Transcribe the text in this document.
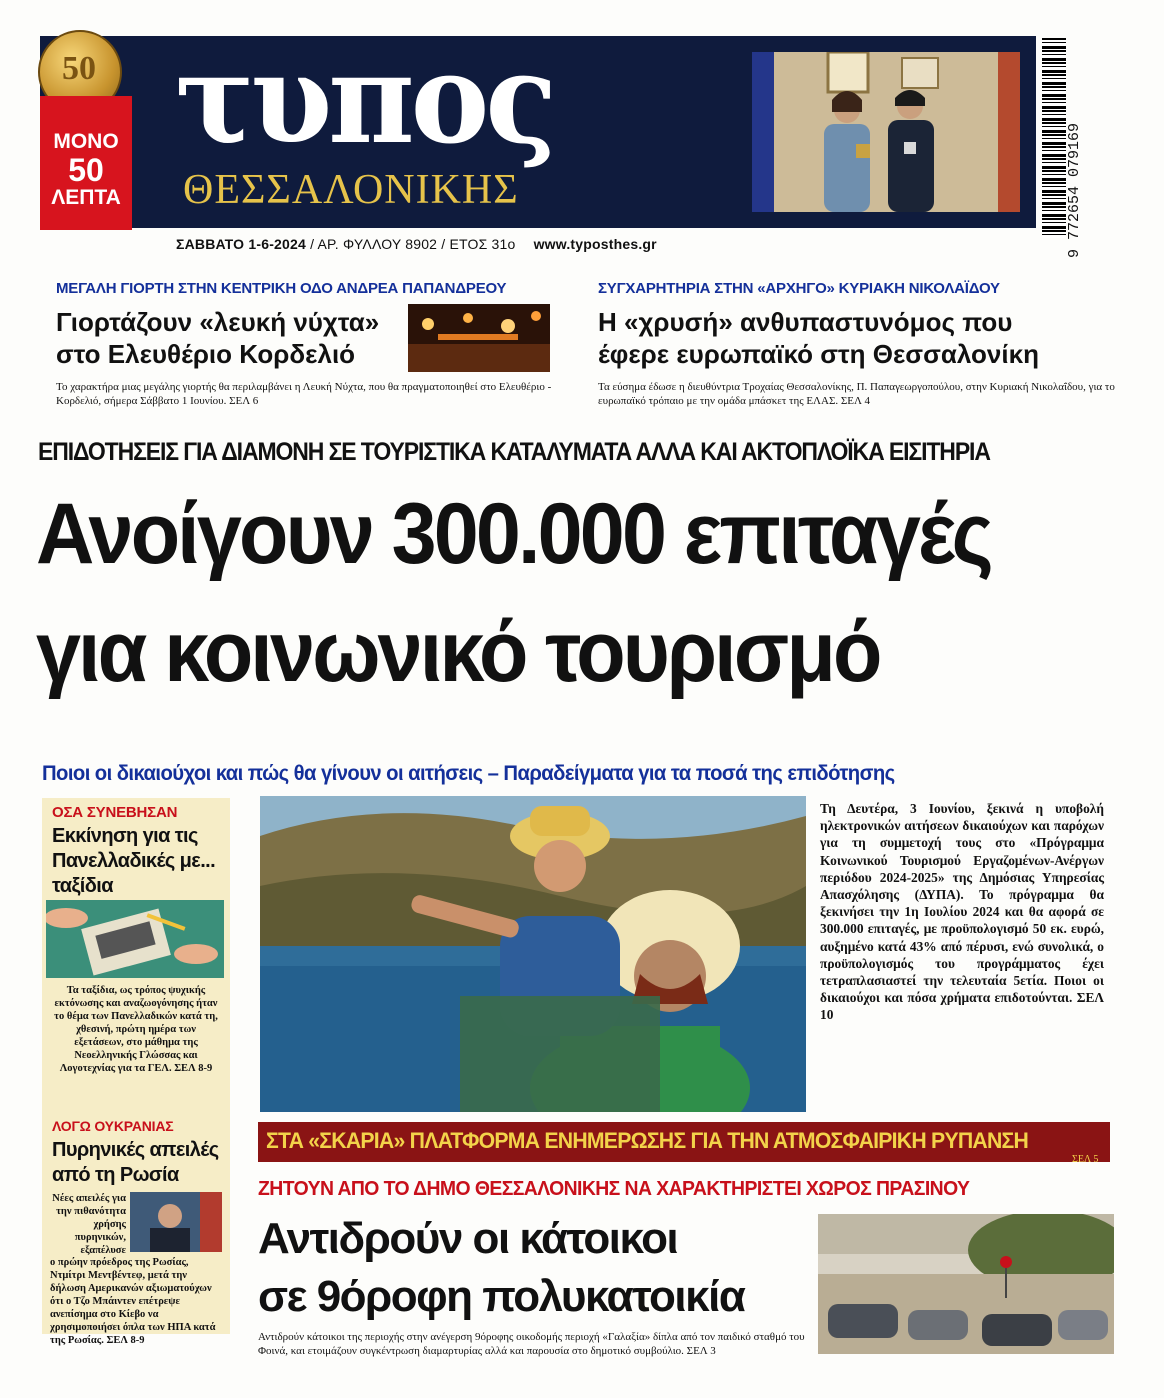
50
ΜΟΝΟ
50
ΛΕΠΤΑ
τυπος
ΘΕΣΣΑΛΟΝΙΚΗΣ	9 772654 079169
ΣΑΒΒΑΤΟ 1-6-2024 / ΑΡ. ΦΥΛΛΟΥ 8902 / ΕΤΟΣ 31ο www.typosthes.gr
ΜΕΓΑΛΗ ΓΙΟΡΤΗ ΣΤΗΝ ΚΕΝΤΡΙΚΗ ΟΔΟ ΑΝΔΡΕΑ ΠΑΠΑΝΔΡΕΟΥ
Γιορτάζουν «λευκή νύχτα»
στο Ελευθέριο Κορδελιό
Το χαρακτήρα μιας μεγάλης γιορτής θα περιλαμβάνει η Λευκή Νύχτα, που θα πραγματοποιηθεί στο Ελευθέριο - Κορδελιό, σήμερα Σάββατο 1 Ιουνίου. ΣΕΛ 6
ΣΥΓΧΑΡΗΤΗΡΙΑ ΣΤΗΝ «ΑΡΧΗΓΟ» ΚΥΡΙΑΚΗ ΝΙΚΟΛΑΪΔΟΥ
Η «χρυσή» ανθυπαστυνόμος που
έφερε ευρωπαϊκό στη Θεσσαλονίκη
Τα εύσημα έδωσε η διευθύντρια Τροχαίας Θεσσαλονίκης, Π. Παπαγεωργοπούλου, στην Κυριακή Νικολαΐδου, για το ευρωπαϊκό τρόπαιο με την ομάδα μπάσκετ της ΕΛΑΣ. ΣΕΛ 4
ΕΠΙΔΟΤΗΣΕΙΣ ΓΙΑ ΔΙΑΜΟΝΗ ΣΕ ΤΟΥΡΙΣΤΙΚΑ ΚΑΤΑΛΥΜΑΤΑ ΑΛΛΑ ΚΑΙ ΑΚΤΟΠΛΟΪΚΑ ΕΙΣΙΤΗΡΙΑ
Ανοίγουν 300.000 επιταγές
για κοινωνικό τουρισμό
Ποιοι οι δικαιούχοι και πώς θα γίνουν οι αιτήσεις – Παραδείγματα για τα ποσά της επιδότησης
Τη Δευτέρα, 3 Ιουνίου, ξεκινά η υποβολή ηλεκτρονικών αιτήσεων δικαιούχων και παρόχων για τη συμμετοχή τους στο «Πρόγραμμα Κοινωνικού Τουρισμού Εργαζομένων-Ανέργων περιόδου 2024-2025» της Δημόσιας Υπηρεσίας Απασχόλησης (ΔΥΠΑ). Το πρόγραμμα θα ξεκινήσει την 1η Ιουλίου 2024 και θα αφορά σε 300.000 επιταγές, με προϋπολογισμό 50 εκ. ευρώ, αυξημένο κατά 43% από πέρυσι, ενώ συνολικά, ο προϋπολογισμός του προγράμματος έχει τετραπλασιαστεί την τελευταία 5ετία. Ποιοι οι δικαιούχοι και πόσα χρήματα επιδοτούνται. ΣΕΛ 10
ΟΣΑ ΣΥΝΕΒΗΣΑΝ
Εκκίνηση για τις Πανελλαδικές με... ταξίδια
Τα ταξίδια, ως τρόπος ψυχικής εκτόνωσης και αναζωογόνησης ήταν το θέμα των Πανελλαδικών κατά τη, χθεσινή, πρώτη ημέρα των εξετάσεων, στο μάθημα της Νεοελληνικής Γλώσσας και Λογοτεχνίας για τα ΓΕΛ. ΣΕΛ 8-9
ΛΟΓΩ ΟΥΚΡΑΝΙΑΣ
Πυρηνικές απειλές από τη Ρωσία
Νέες απειλές για την πιθανότητα χρήσης πυρηνικών, εξαπέλυσε
ο πρώην πρόεδρος της Ρωσίας, Ντμίτρι Μεντβέντεφ, μετά την δήλωση Αμερικανών αξιωματούχων ότι ο Τζο Μπάιντεν επέτρεψε ανεπίσημα στο Κίεβο να χρησιμοποιήσει όπλα των ΗΠΑ κατά της Ρωσίας. ΣΕΛ 8-9
ΣΤΑ «ΣΚΑΡΙΑ» ΠΛΑΤΦΟΡΜΑ ΕΝΗΜΕΡΩΣΗΣ ΓΙΑ ΤΗΝ ΑΤΜΟΣΦΑΙΡΙΚΗ ΡΥΠΑΝΣΗ
ΣΕΛ 5
ΖΗΤΟΥΝ ΑΠΟ ΤΟ ΔΗΜΟ ΘΕΣΣΑΛΟΝΙΚΗΣ ΝΑ ΧΑΡΑΚΤΗΡΙΣΤΕΙ ΧΩΡΟΣ ΠΡΑΣΙΝΟΥ
Αντιδρούν οι κάτοικοι
σε 9όροφη πολυκατοικία
Αντιδρούν κάτοικοι της περιοχής στην ανέγερση 9όροφης οικοδομής περιοχή «Γαλαξία» δίπλα από τον παιδικό σταθμό του Φοινά, και ετοιμάζουν συγκέντρωση διαμαρτυρίας αλλά και παρουσία στο δημοτικό συμβούλιο. ΣΕΛ 3
